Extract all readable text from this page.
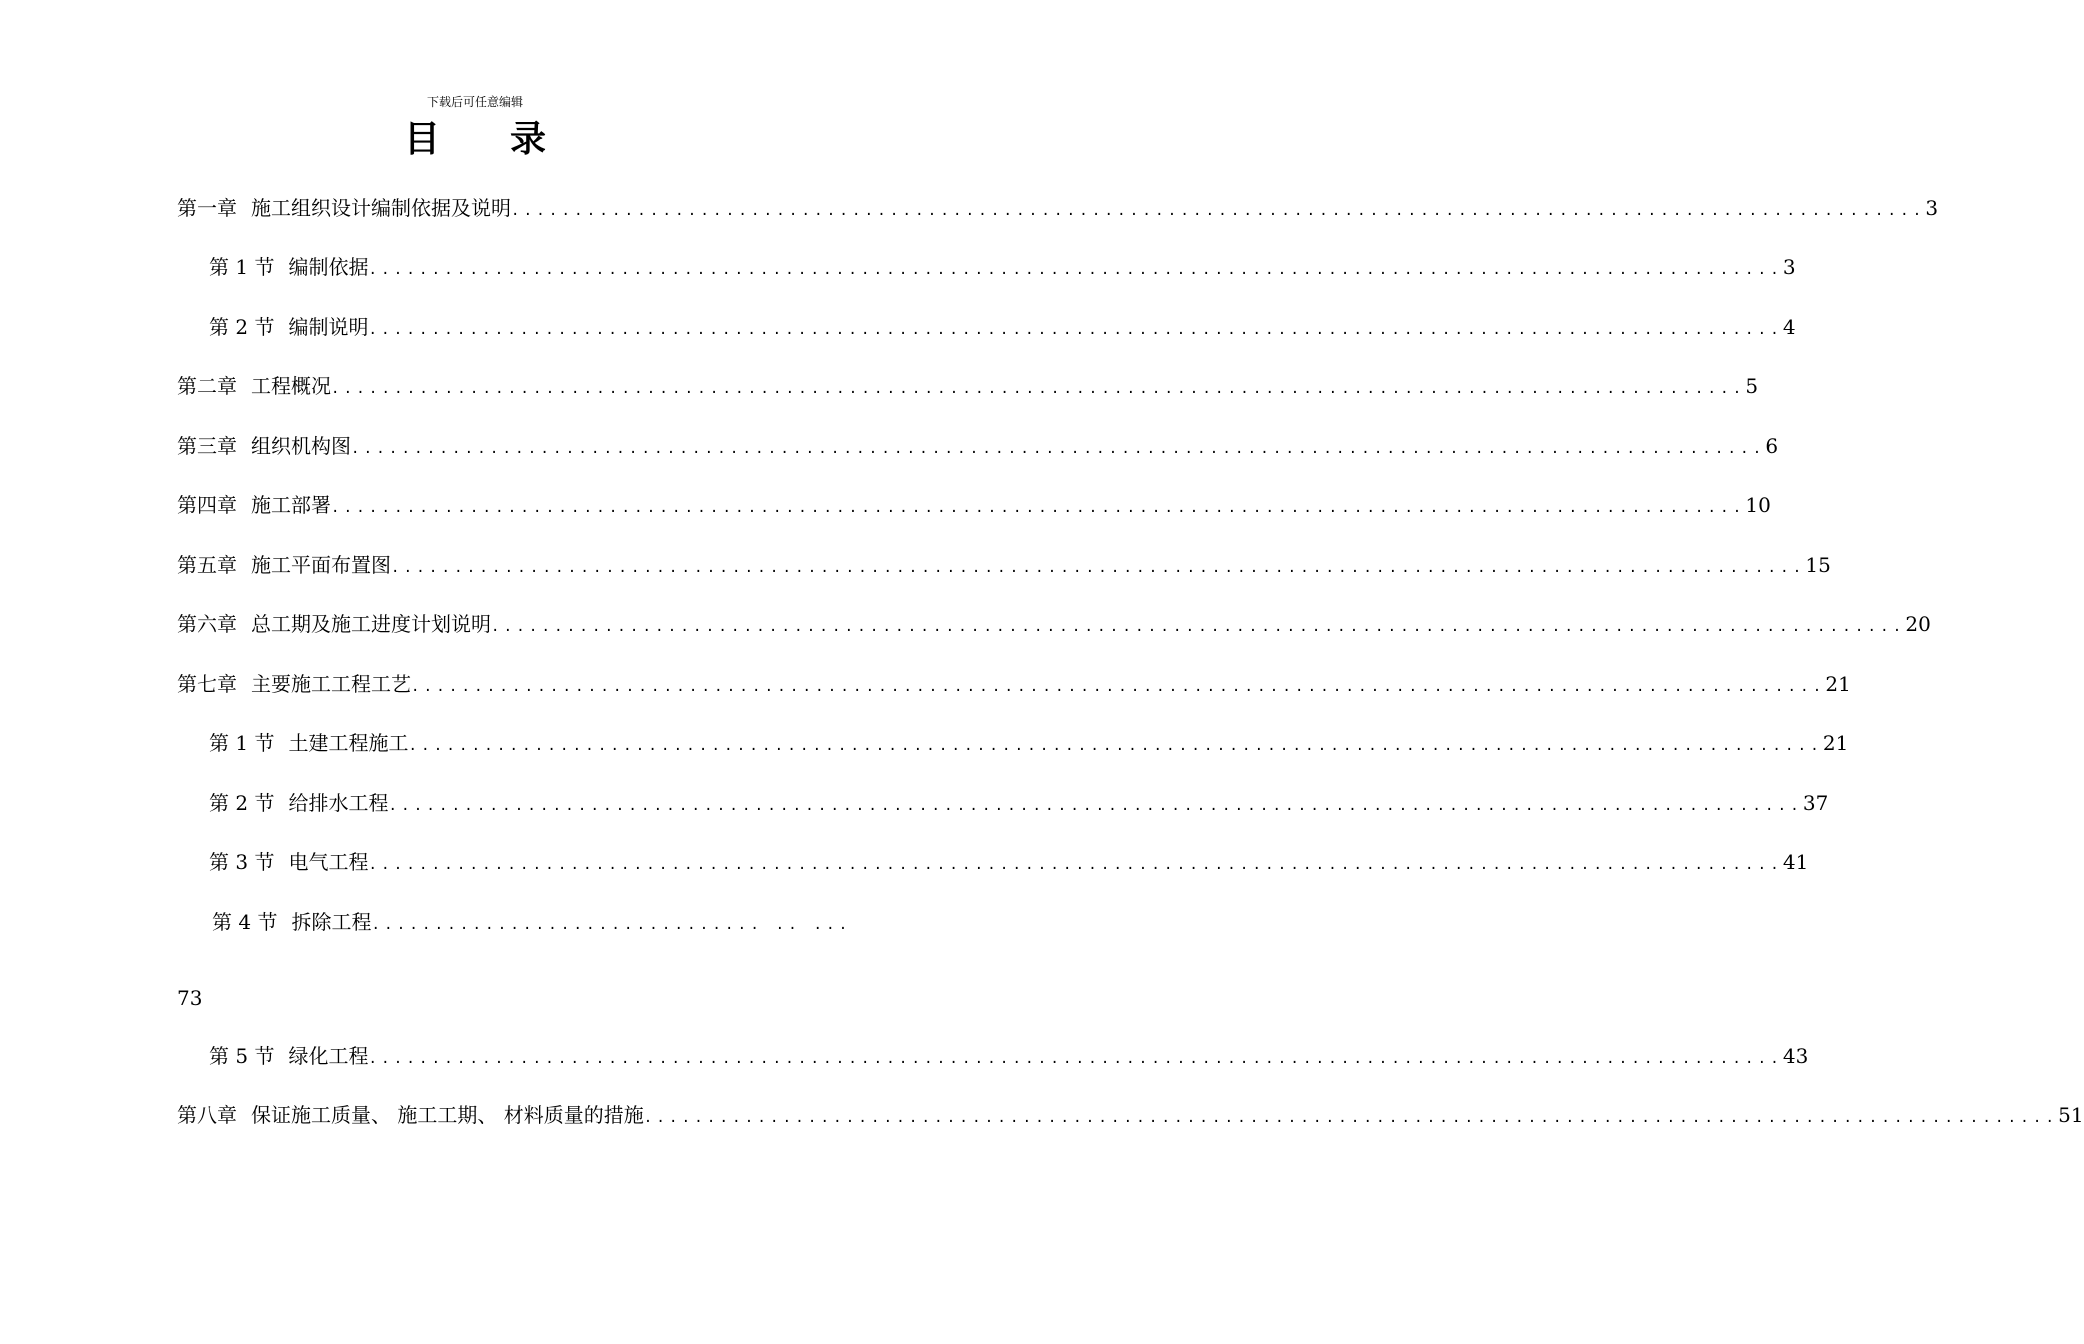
下载后可任意编辑
目录
第一章 施工组织设计编制依据及说明 ................................................................................................................ 3
第 1 节 编制依据 ................................................................................................................ 3
第 2 节 编制说明 ................................................................................................................ 4
第二章 工程概况 ................................................................................................................ 5
第三章 组织机构图 ................................................................................................................ 6
第四章 施工部署 ................................................................................................................ 10
第五章 施工平面布置图 ................................................................................................................ 15
第六章 总工期及施工进度计划说明 ................................................................................................................ 20
第七章 主要施工工程工艺 ................................................................................................................ 21
第 1 节 土建工程施工 ................................................................................................................ 21
第 2 节 给排水工程 ................................................................................................................ 37
第 3 节 电气工程 ................................................................................................................ 41
第 4 节 拆除工程 ............................... .. ...
73
第 5 节 绿化工程 ................................................................................................................ 43
第八章 保证施工质量、 施工工期、 材料质量的措施 ................................................................................................................ 51
